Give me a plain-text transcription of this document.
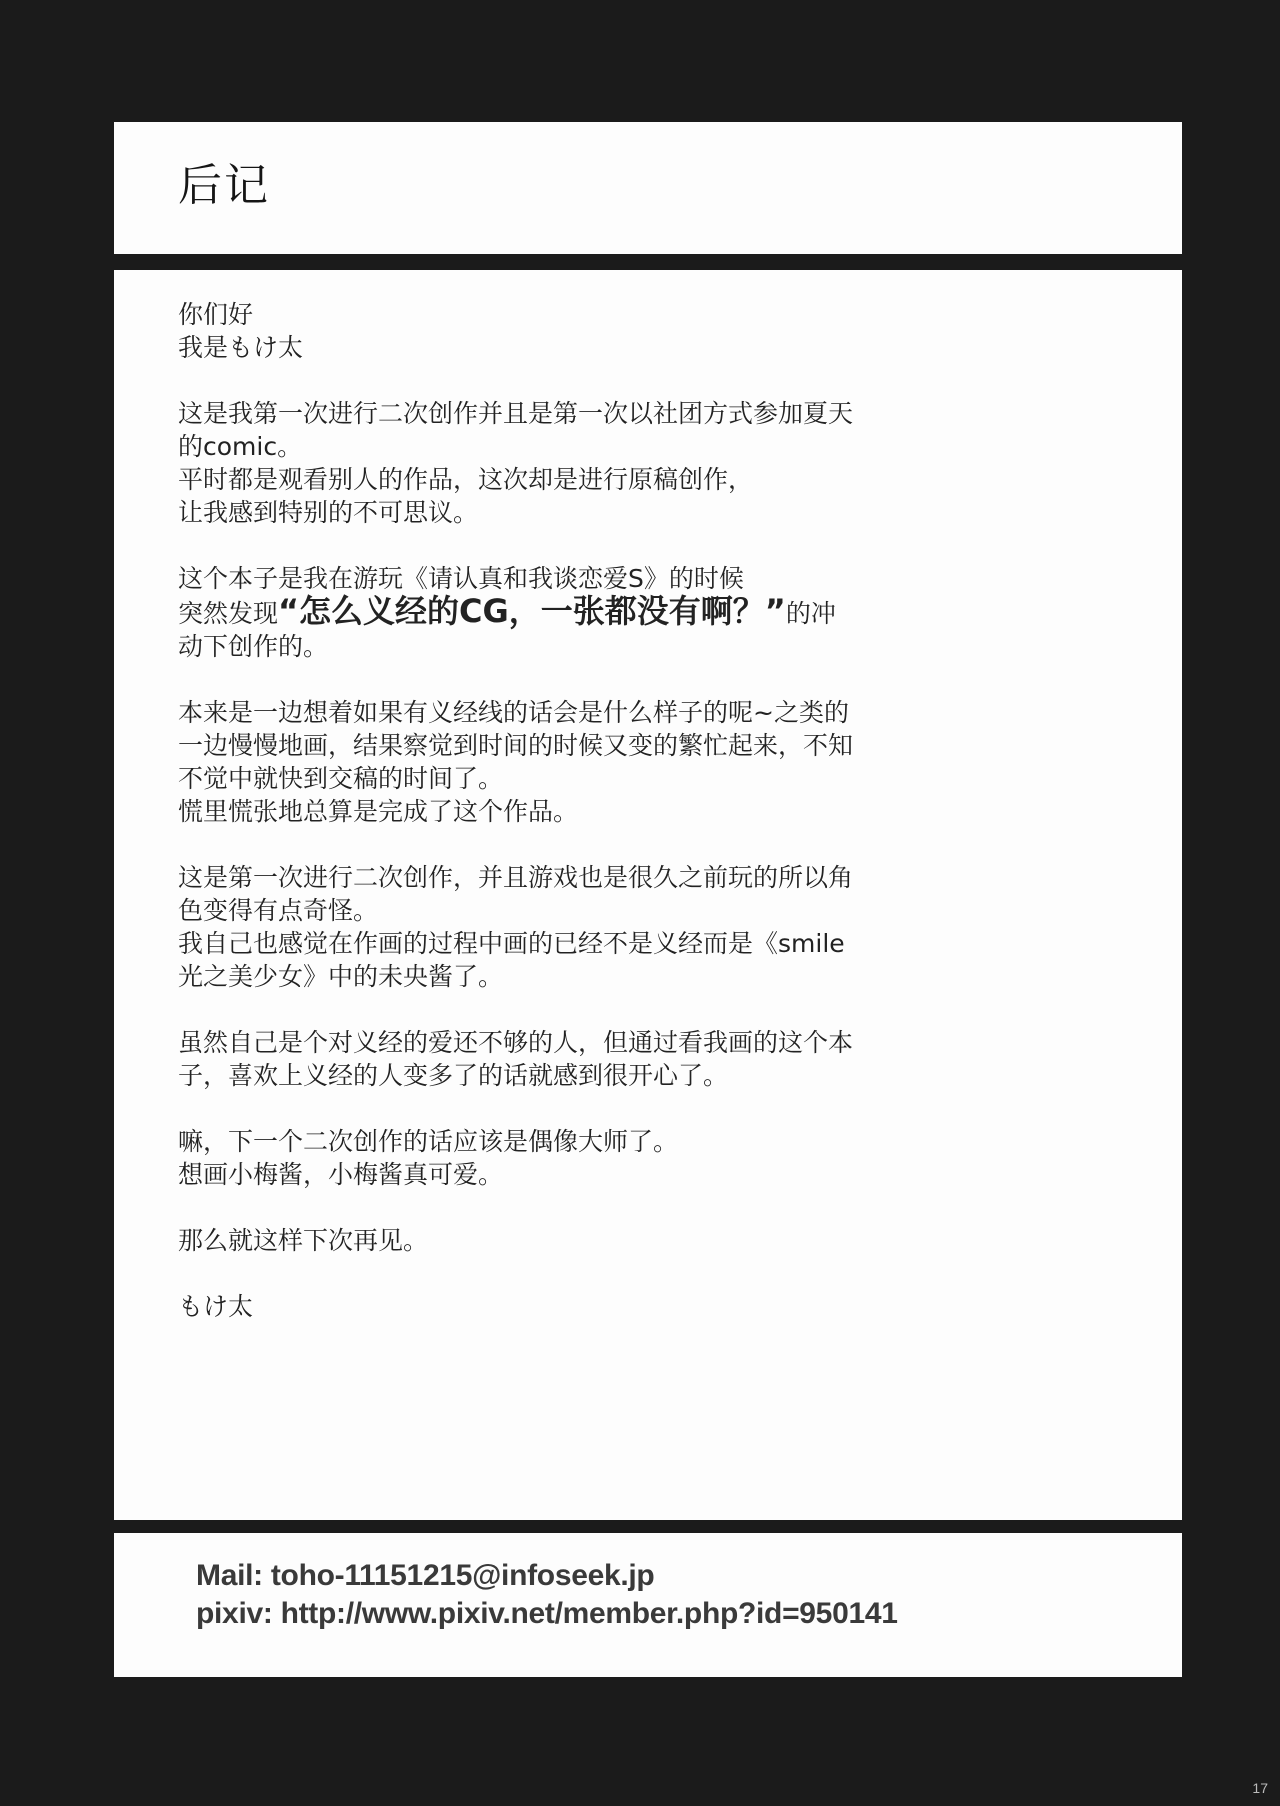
后记

你们好
我是もけ太

这是我第一次进行二次创作并且是第一次以社团方式参加夏天
的comic。
平时都是观看别人的作品，这次却是进行原稿创作，
让我感到特别的不可思议。

这个本子是我在游玩《请认真和我谈恋爱S》的时候
突然发现“怎么义经的CG，一张都没有啊？”的冲
动下创作的。

本来是一边想着如果有义经线的话会是什么样子的呢~之类的
一边慢慢地画，结果察觉到时间的时候又变的繁忙起来，不知
不觉中就快到交稿的时间了。
慌里慌张地总算是完成了这个作品。

这是第一次进行二次创作，并且游戏也是很久之前玩的所以角
色变得有点奇怪。
我自己也感觉在作画的过程中画的已经不是义经而是《smile
光之美少女》中的未央酱了。

虽然自己是个对义经的爱还不够的人，但通过看我画的这个本
子，喜欢上义经的人变多了的话就感到很开心了。

嘛，下一个二次创作的话应该是偶像大师了。
想画小梅酱，小梅酱真可爱。

那么就这样下次再见。

もけ太

Mail: toho-11151215@infoseek.jp
pixiv: http://www.pixiv.net/member.php?id=950141
17
